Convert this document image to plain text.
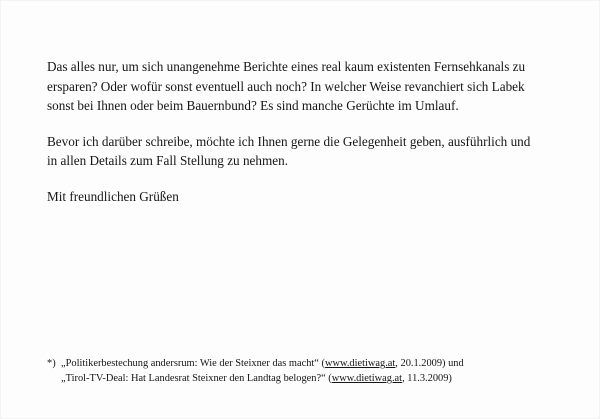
Das alles nur, um sich unangenehme Berichte eines real kaum existenten Fernsehkanals zu
ersparen? Oder wofür sonst eventuell auch noch? In welcher Weise revanchiert sich Labek
sonst bei Ihnen oder beim Bauernbund? Es sind manche Gerüchte im Umlauf.

Bevor ich darüber schreibe, möchte ich Ihnen gerne die Gelegenheit geben, ausführlich und
in allen Details zum Fall Stellung zu nehmen.

Mit freundlichen Grüßen
*) „Politikerbestechung andersrum: Wie der Steixner das macht“ (www.dietiwag.at, 20.1.2009) und
„Tirol-TV-Deal: Hat Landesrat Steixner den Landtag belogen?“ (www.dietiwag.at, 11.3.2009)
